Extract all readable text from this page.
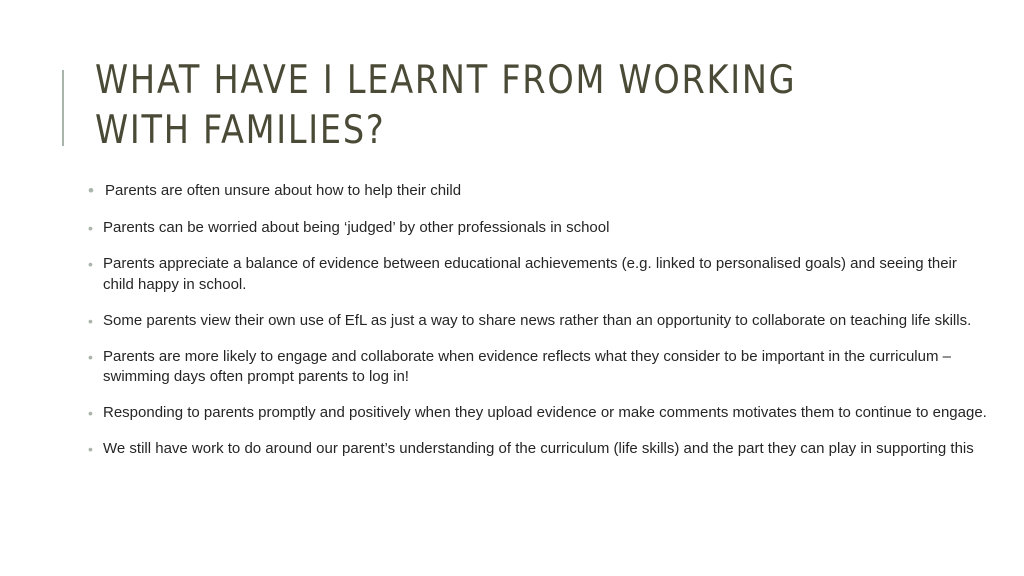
WHAT HAVE I LEARNT FROM WORKING WITH FAMILIES?
• Parents are often unsure about how to help their child
• Parents can be worried about being ‘judged’ by other professionals in school
• Parents appreciate a balance of evidence between educational achievements (e.g. linked to personalised goals) and seeing their child happy in school.
• Some parents view their own use of EfL as just a way to share news rather than an opportunity to collaborate on teaching life skills.
• Parents are more likely to engage and collaborate when evidence reflects what they consider to be important in the curriculum – swimming days often prompt parents to log in!
• Responding to parents promptly and positively when they upload evidence or make comments motivates them to continue to engage.
• We still have work to do around our parent’s understanding of the curriculum (life skills) and the part they can play in supporting this
